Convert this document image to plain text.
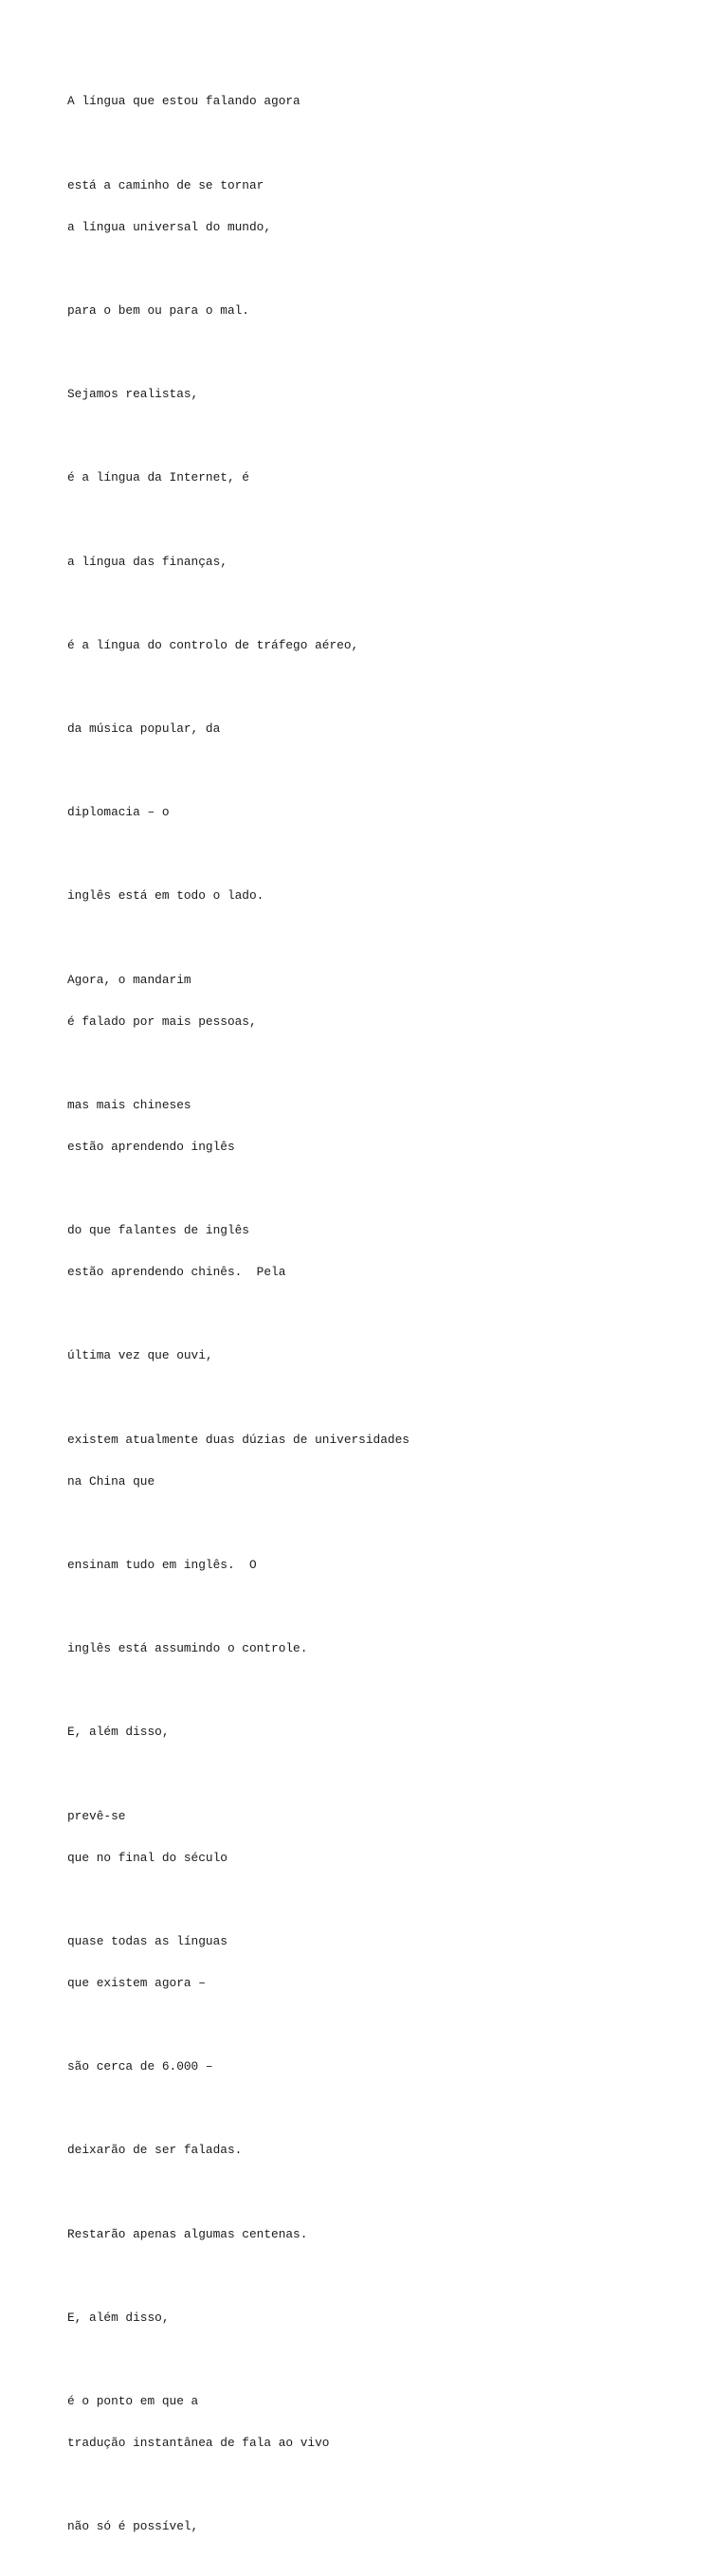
A língua que estou falando agora

está a caminho de se tornar

a língua universal do mundo,

para o bem ou para o mal.

Sejamos realistas,

é a língua da Internet, é

a língua das finanças,

é a língua do controlo de tráfego aéreo,

da música popular, da

diplomacia – o

inglês está em todo o lado.

Agora, o mandarim

é falado por mais pessoas,

mas mais chineses

estão aprendendo inglês

do que falantes de inglês

estão aprendendo chinês.  Pela

última vez que ouvi,

existem atualmente duas dúzias de universidades

na China que

ensinam tudo em inglês.  O

inglês está assumindo o controle.

E, além disso,

prevê-se

que no final do século

quase todas as línguas

que existem agora –

são cerca de 6.000 –

deixarão de ser faladas.

Restarão apenas algumas centenas.

E, além disso,

é o ponto em que a

tradução instantânea de fala ao vivo

não só é possível,
